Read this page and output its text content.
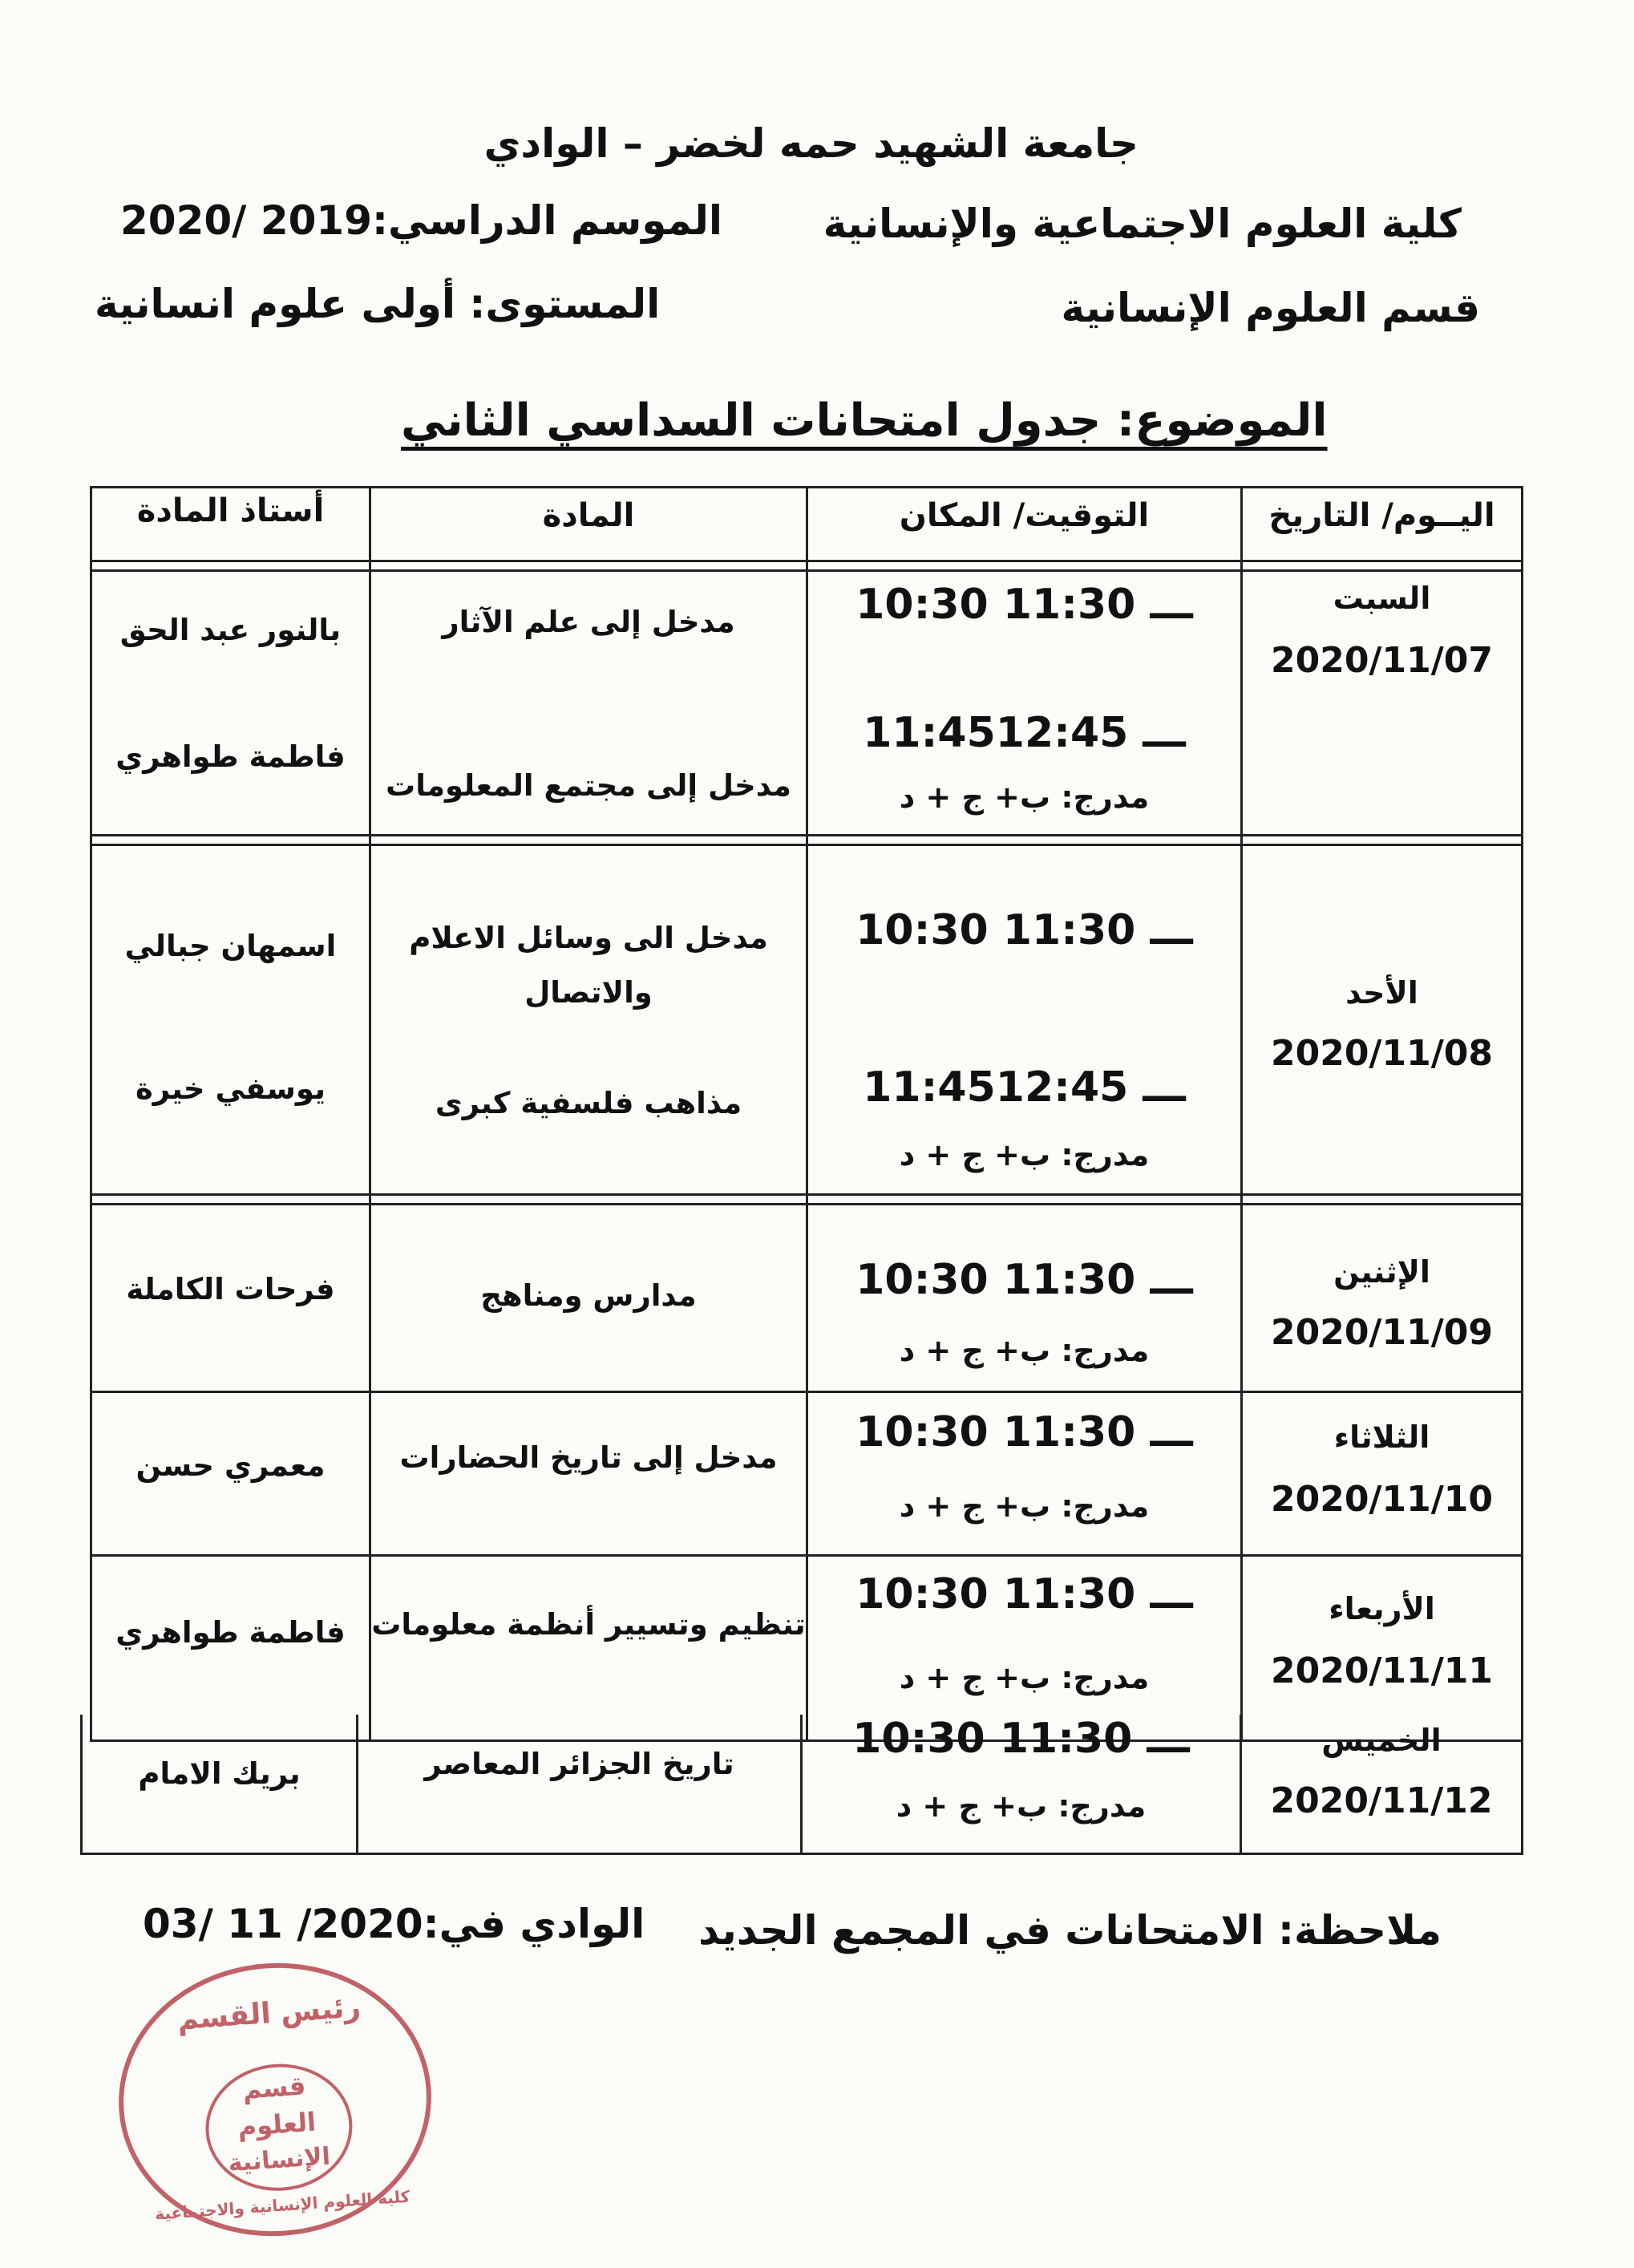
جامعة الشهيد حمه لخضر – الوادي
كلية العلوم الاجتماعية والإنسانية
الموسم الدراسي:2020/ 2019
قسم العلوم الإنسانية
المستوى: أولى علوم انسانية
الموضوع: جدول امتحانات السداسي الثاني
اليــوم/ التاريخ
التوقيت/ المكان
المادة
أستاذ المادة
السبت
2020/11/07
10:30 ـــ 11:30
11:45ـــ 12:45
مدرج: ب+ ج + د
مدخل إلى علم الآثار
مدخل إلى مجتمع المعلومات
بالنور عبد الحق
فاطمة طواهري
الأحد
2020/11/08
10:30 ـــ 11:30
11:45ـــ 12:45
مدرج: ب+ ج + د
مدخل الى وسائل الاعلام
والاتصال
مذاهب فلسفية كبرى
اسمهان جبالي
يوسفي خيرة
الإثنين
2020/11/09
10:30 ـــ 11:30
مدرج: ب+ ج + د
مدارس ومناهج
فرحات الكاملة
الثلاثاء
2020/11/10
10:30 ـــ 11:30
مدرج: ب+ ج + د
مدخل إلى تاريخ الحضارات
معمري حسن
الأربعاء
2020/11/11
10:30 ـــ 11:30
مدرج: ب+ ج + د
تنظيم وتسيير أنظمة معلومات
فاطمة طواهري
الخميس
2020/11/12
10:30 ـــ 11:30
مدرج: ب+ ج + د
تاريخ الجزائر المعاصر
بريك الامام
ملاحظة: الامتحانات في المجمع الجديد
الوادي في:03/ 11 /2020
رئيس القسم
قسم
العلوم
الإنسانية
كلية العلوم الإنسانية والاجتماعية
